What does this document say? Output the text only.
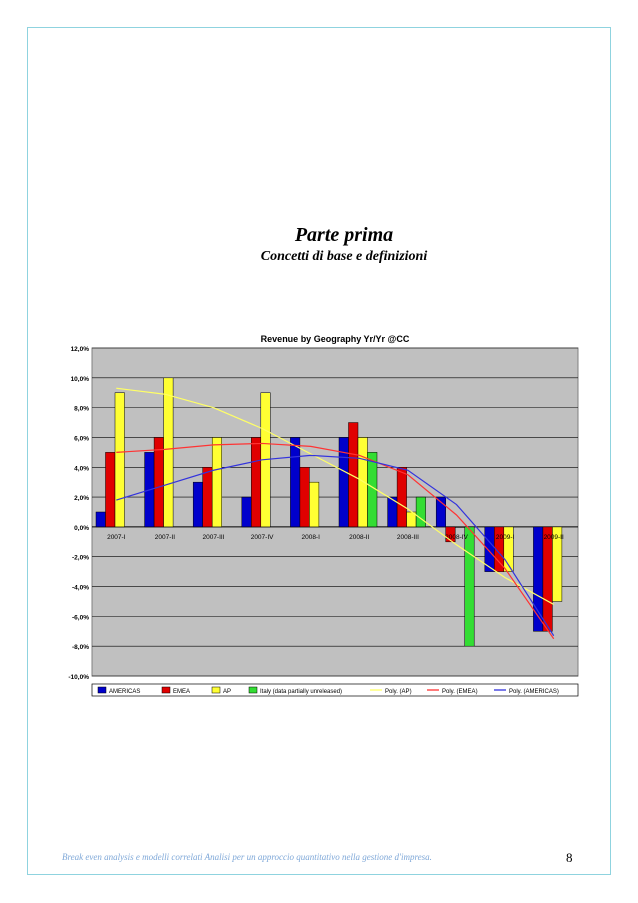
Parte prima
Concetti di base e definizioni
Revenue by Geography Yr/Yr @CC
12,0%
10,0%
8,0%
6,0%
4,0%
2,0%
0,0%
-2,0%
-4,0%
-6,0%
-8,0%
-10,0%
2007-I	2007-II	2007-III	2007-IV	2008-I	2008-II	2008-III	2008-IV	2009-I	2009-II
AMERICAS	EMEA	AP	Italy (data partially unreleased)	Poly. (AP)	Poly. (EMEA)	Poly. (AMERICAS)
Break even analysis e modelli correlati Analisi per un approccio quantitativo nella gestione d'impresa.	8
